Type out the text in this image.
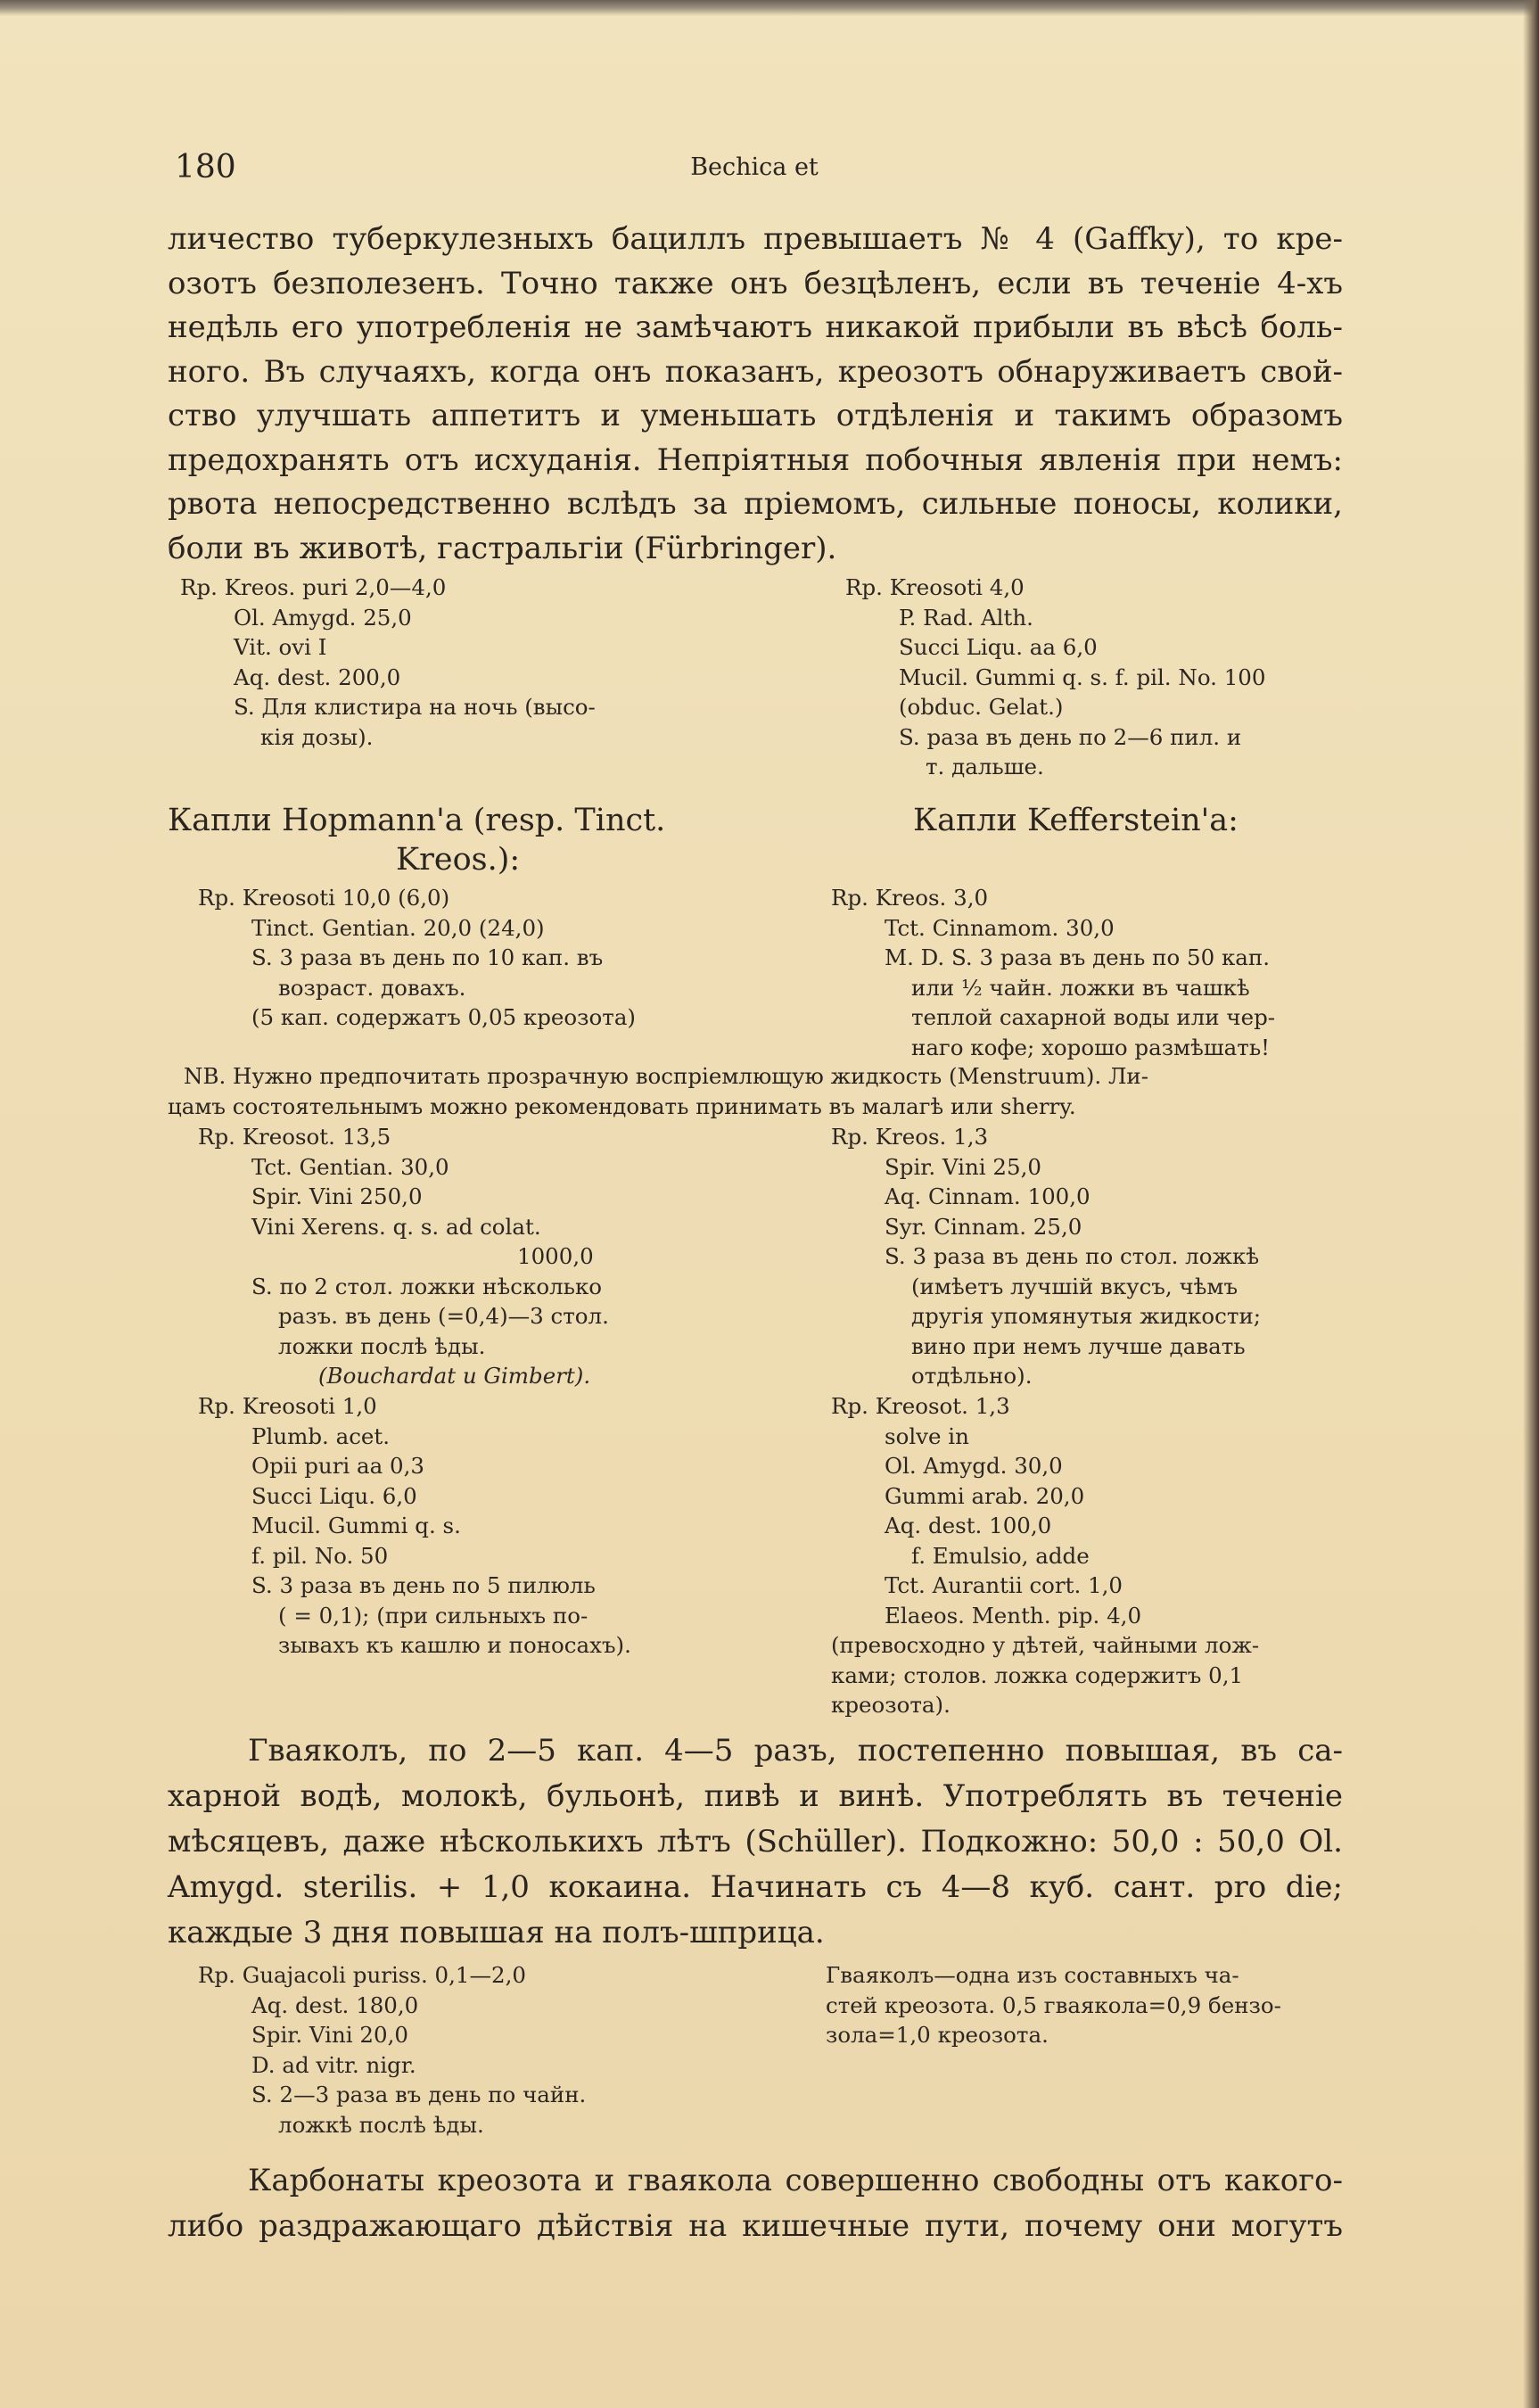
180	Bechica et
личество туберкулезныхъ бациллъ превышаетъ № 4 (Gaffky), то кре-
озотъ безполезенъ. Точно также онъ безцѣленъ, если въ теченіе 4-хъ
недѣль его употребленія не замѣчаютъ никакой прибыли въ вѣсѣ боль-
ного. Въ случаяхъ, когда онъ показанъ, креозотъ обнаруживаетъ свой-
ство улучшать аппетитъ и уменьшать отдѣленія и такимъ образомъ
предохранять отъ исхуданія. Непріятныя побочныя явленія при немъ:
рвота непосредственно вслѣдъ за пріемомъ, сильные поносы, колики,
боли въ животѣ, гастральгіи (Fürbringer).
Rp. Kreos. puri 2,0—4,0
Ol. Amygd. 25,0
Vit. ovi I
Aq. dest. 200,0
S. Для клистира на ночь (высо-
кія дозы).
Rp. Kreosoti 4,0
P. Rad. Alth.
Succi Liqu. aa 6,0
Mucil. Gummi q. s. f. pil. No. 100
(obduc. Gelat.)
S. раза въ день по 2—6 пил. и
т. дальше.
Капли Hopmann'a (resp. Tinct.
Kreos.):
Капли Kefferstein'a:
Rp. Kreosoti 10,0 (6,0)
Tinct. Gentian. 20,0 (24,0)
S. 3 раза въ день по 10 кап. въ
возраст. довахъ.
(5 кап. содержатъ 0,05 креозота)
Rp. Kreos. 3,0
Tct. Cinnamom. 30,0
M. D. S. 3 раза въ день по 50 кап.
или ½ чайн. ложки въ чашкѣ
теплой сахарной воды или чер-
наго кофе; хорошо размѣшать!
NB. Нужно предпочитать прозрачную воспріемлющую жидкость (Menstruum). Ли-
цамъ состоятельнымъ можно рекомендовать принимать въ малагѣ или sherry.
Rp. Kreosot. 13,5
Tct. Gentian. 30,0
Spir. Vini 250,0
Vini Xerens. q. s. ad colat.
1000,0
S. по 2 стол. ложки нѣсколько
разъ. въ день (=0,4)—3 стол.
ложки послѣ ѣды.
(Bouchardat и Gimbert).
Rp. Kreos. 1,3
Spir. Vini 25,0
Aq. Cinnam. 100,0
Syr. Cinnam. 25,0
S. 3 раза въ день по стол. ложкѣ
(имѣетъ лучшій вкусъ, чѣмъ
другія упомянутыя жидкости;
вино при немъ лучше давать
отдѣльно).
Rp. Kreosoti 1,0
Plumb. acet.
Opii puri aa 0,3
Succi Liqu. 6,0
Mucil. Gummi q. s.
f. pil. No. 50
S. 3 раза въ день по 5 пилюль
( = 0,1); (при сильныхъ по-
зывахъ къ кашлю и поносахъ).
Rp. Kreosot. 1,3
solve in
Ol. Amygd. 30,0
Gummi arab. 20,0
Aq. dest. 100,0
f. Emulsio, adde
Tct. Aurantii cort. 1,0
Elaeos. Menth. pip. 4,0
(превосходно у дѣтей, чайными лож-
ками; столов. ложка содержитъ 0,1
креозота).
Гваяколъ, по 2—5 кап. 4—5 разъ, постепенно повышая, въ са-
харной водѣ, молокѣ, бульонѣ, пивѣ и винѣ. Употреблять въ теченіе
мѣсяцевъ, даже нѣсколькихъ лѣтъ (Schüller). Подкожно: 50,0 : 50,0 Ol.
Amygd. sterilis. + 1,0 кокаина. Начинать съ 4—8 куб. сант. pro die;
каждые 3 дня повышая на полъ-шприца.
Rp. Guajacoli puriss. 0,1—2,0
Aq. dest. 180,0
Spir. Vini 20,0
D. ad vitr. nigr.
S. 2—3 раза въ день по чайн.
ложкѣ послѣ ѣды.
Гваяколъ—одна изъ составныхъ ча-
стей креозота. 0,5 гваякола=0,9 бензо-
зола=1,0 креозота.
Карбонаты креозота и гваякола совершенно свободны отъ какого-
либо раздражающаго дѣйствія на кишечные пути, почему они могутъ
